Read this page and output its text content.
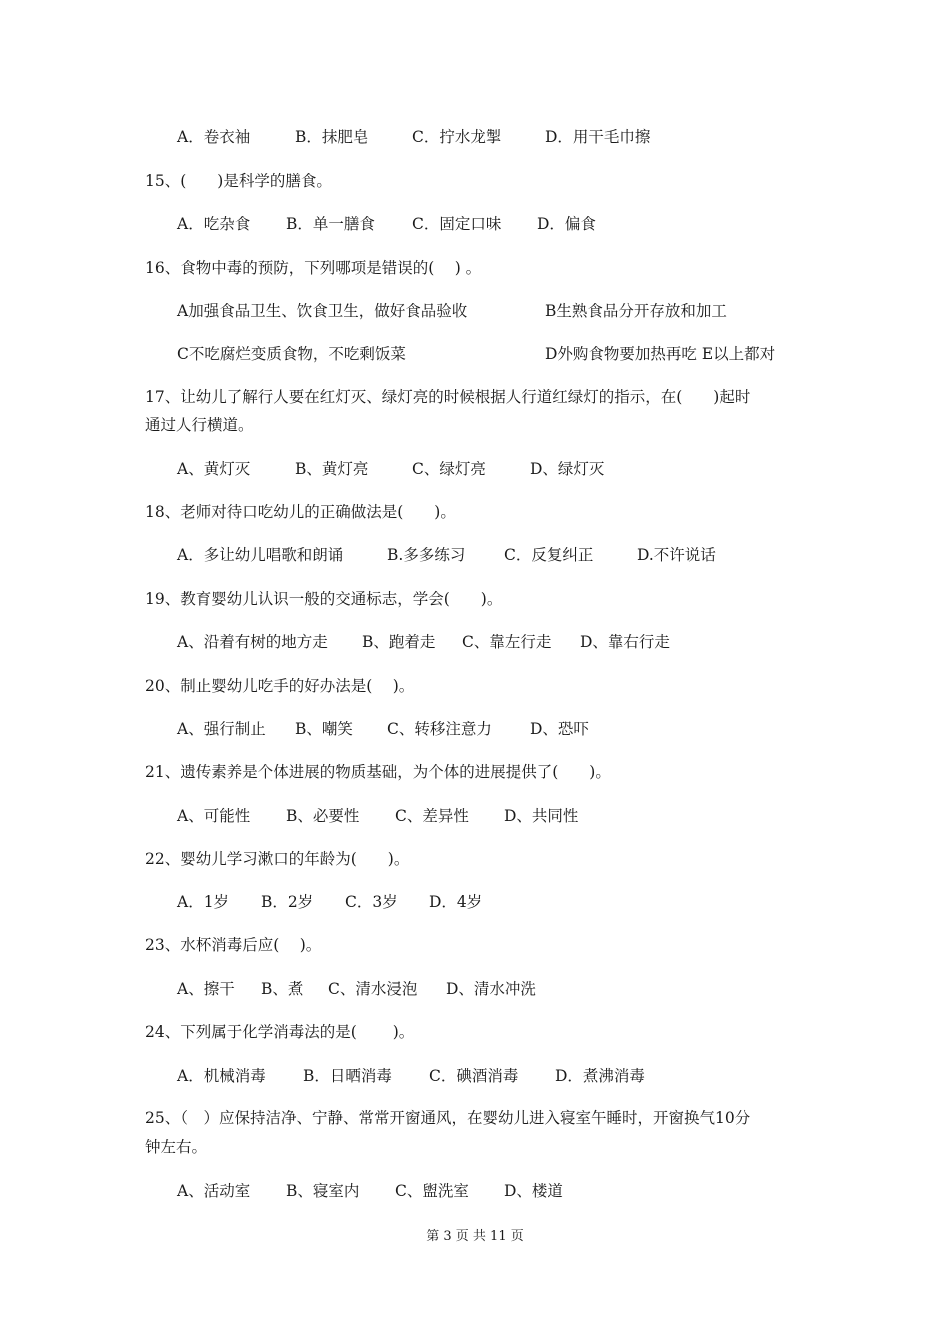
A．卷衣袖	B．抹肥皂	C．拧水龙掣	D．用干毛巾擦
15、(　　)是科学的膳食。
A．吃杂食 B．单一膳食 C．固定口味 D．偏食
16、食物中毒的预防，下列哪项是错误的(　 ) 。
A加强食品卫生、饮食卫生，做好食品验收	B生熟食品分开存放和加工
C不吃腐烂变质食物，不吃剩饭菜	D外购食物要加热再吃 E以上都对
17、让幼儿了解行人要在红灯灭、绿灯亮的时候根据人行道红绿灯的指示，在(　　)起时
通过人行横道。
A、黄灯灭	B、黄灯亮	C、绿灯亮	D、绿灯灭
18、老师对待口吃幼儿的正确做法是(　　)。
A．多让幼儿唱歌和朗诵	B.多多练习 C．反复纠正	D.不许说话
19、教育婴幼儿认识一般的交通标志，学会(　　)。
A、沿着有树的地方走 B、跑着走 C、靠左行走 D、靠右行走
20、制止婴幼儿吃手的好办法是(　 )。
A、强行制止 B、嘲笑 C、转移注意力 D、恐吓
21、遗传素养是个体进展的物质基础，为个体的进展提供了(　　)。
A、可能性 B、必要性 C、差异性 D、共同性
22、婴幼儿学习漱口的年龄为(　　)。
A．1岁 B．2岁 C．3岁 D．4岁
23、水杯消毒后应(　 )。
A、擦干 B、煮 C、清水浸泡 D、清水冲洗
24、下列属于化学消毒法的是(　　 )。
A．机械消毒 B．日晒消毒 C．碘酒消毒 D．煮沸消毒
25、（　）应保持洁净、宁静、常常开窗通风，在婴幼儿进入寝室午睡时，开窗换气10分
钟左右。
A、活动室 B、寝室内 C、盥洗室 D、楼道
第 3 页 共 11 页
